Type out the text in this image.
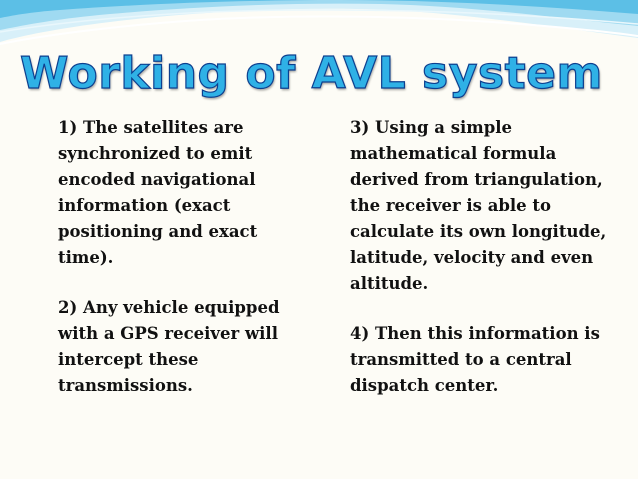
Working of AVL system

1) The satellites are synchronized to emit encoded navigational information (exact positioning and exact time).

2) Any vehicle equipped with a GPS receiver will intercept these transmissions.

3) Using a simple mathematical formula derived from triangulation, the receiver is able to calculate its own longitude, latitude, velocity and even altitude.

4) Then this information is transmitted to a central dispatch center.
